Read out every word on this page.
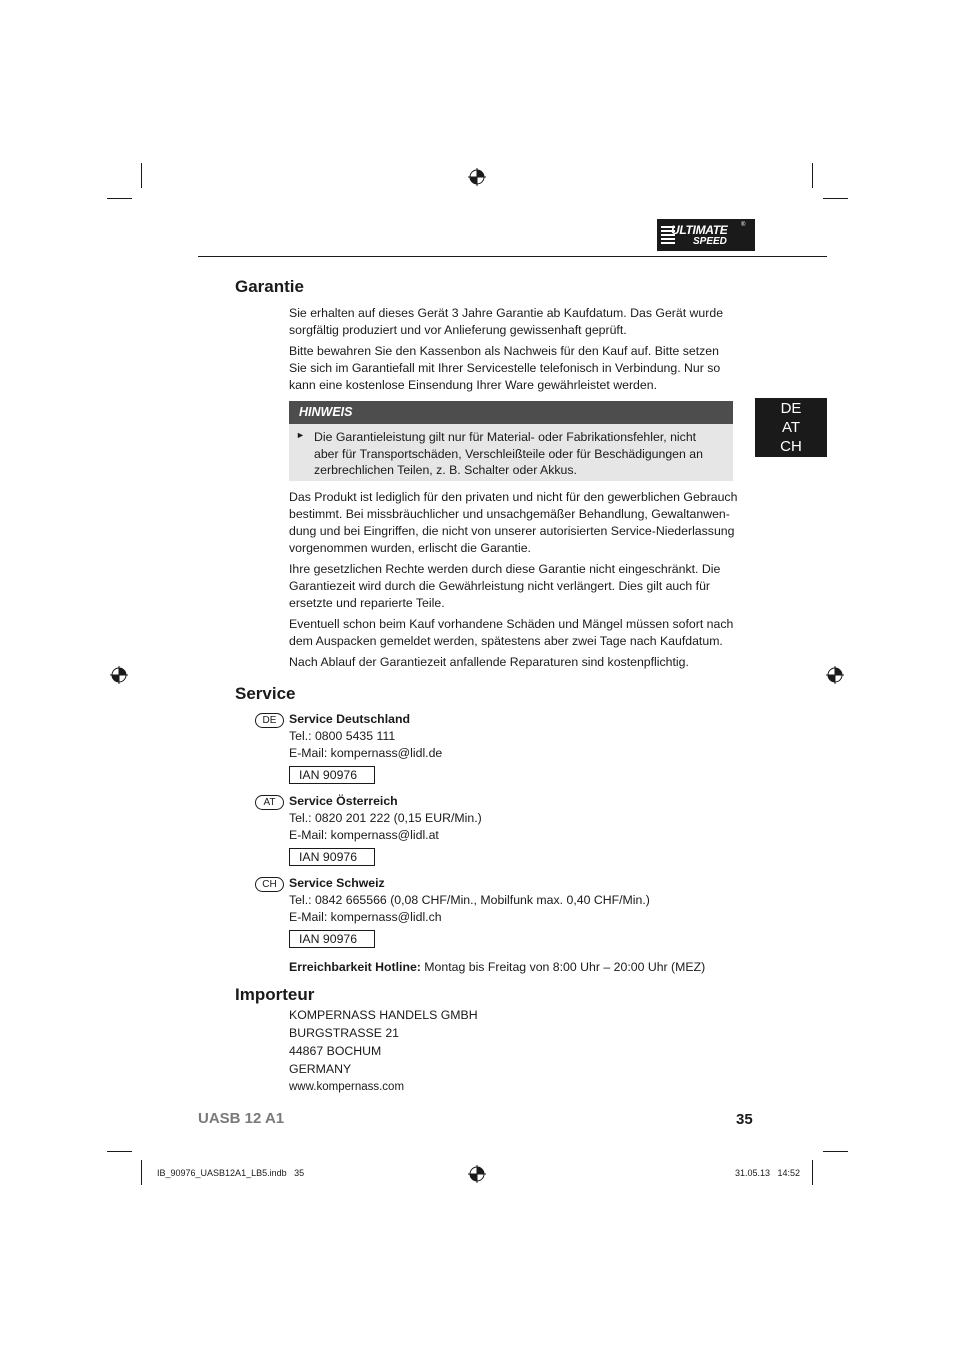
ULTIMATE
SPEED
®
DE
AT
CH
Garantie
Sie erhalten auf dieses Gerät 3 Jahre Garantie ab Kaufdatum. Das Gerät wurde
sorgfältig produziert und vor Anlieferung gewissenhaft geprüft.
Bitte bewahren Sie den Kassenbon als Nachweis für den Kauf auf. Bitte setzen
Sie sich im Garantiefall mit Ihrer Servicestelle telefonisch in Verbindung. Nur so
kann eine kostenlose Einsendung Ihrer Ware gewährleistet werden.
HINWEIS
► Die Garantieleistung gilt nur für Material- oder Fabrikationsfehler, nicht
aber für Transportschäden, Verschleißteile oder für Beschädigungen an
zerbrechlichen Teilen, z. B. Schalter oder Akkus.
Das Produkt ist lediglich für den privaten und nicht für den gewerblichen Gebrauch
bestimmt. Bei missbräuchlicher und unsachgemäßer Behandlung, Gewaltanwen-
dung und bei Eingriffen, die nicht von unserer autorisierten Service-Niederlassung
vorgenommen wurden, erlischt die Garantie.
Ihre gesetzlichen Rechte werden durch diese Garantie nicht eingeschränkt. Die
Garantiezeit wird durch die Gewährleistung nicht verlängert. Dies gilt auch für
ersetzte und reparierte Teile.
Eventuell schon beim Kauf vorhandene Schäden und Mängel müssen sofort nach
dem Auspacken gemeldet werden, spätestens aber zwei Tage nach Kaufdatum.
Nach Ablauf der Garantiezeit anfallende Reparaturen sind kostenpflichtig.
Service
DE	Service Deutschland
Tel.: 0800 5435 111
E-Mail: kompernass@lidl.de
IAN 90976
AT	Service Österreich
Tel.: 0820 201 222 (0,15 EUR/Min.)
E-Mail: kompernass@lidl.at
IAN 90976
CH Service Schweiz
Tel.: 0842 665566 (0,08 CHF/Min., Mobilfunk max. 0,40 CHF/Min.)
E-Mail: kompernass@lidl.ch
IAN 90976
Erreichbarkeit Hotline: Montag bis Freitag von 8:00 Uhr – 20:00 Uhr (MEZ)
Importeur
KOMPERNASS HANDELS GMBH
BURGSTRASSE 21
44867 BOCHUM
GERMANY
www.kompernass.com
UASB 12 A1	35
IB_90976_UASB12A1_LB5.indb   35	31.05.13   14:52
